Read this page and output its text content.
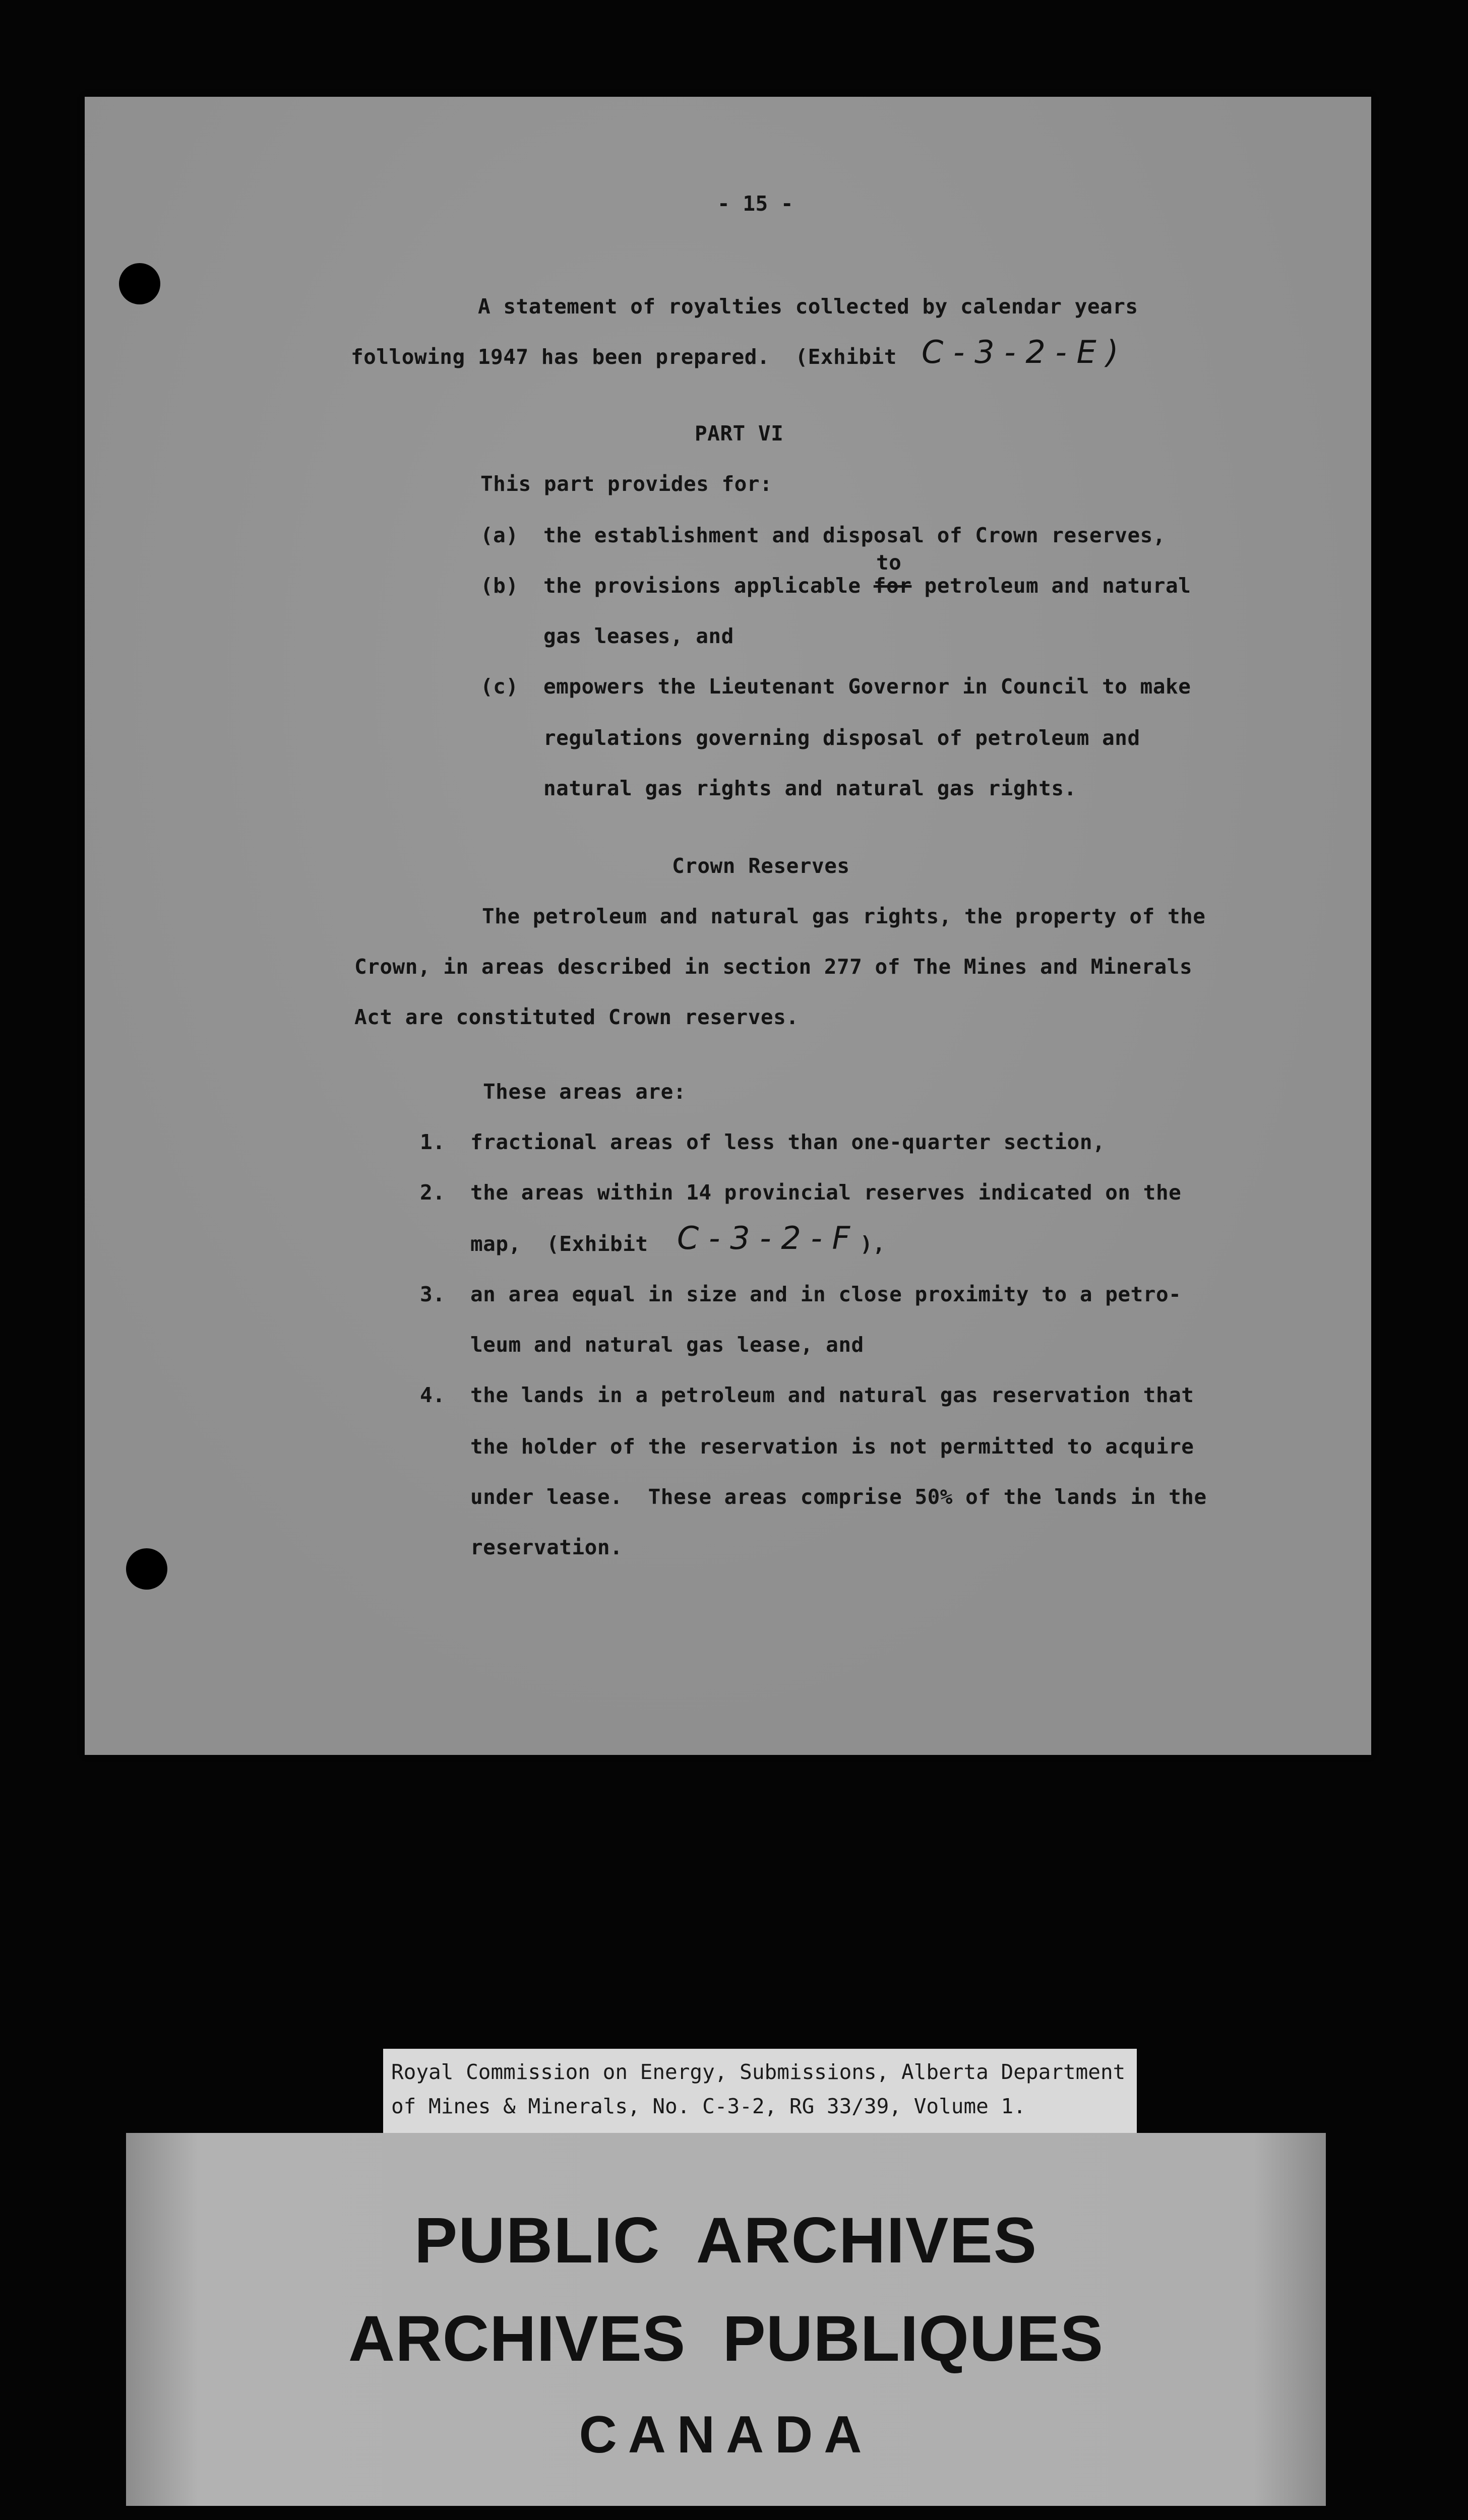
- 15 -
A statement of royalties collected by calendar years
following 1947 has been prepared.  (Exhibit C - 3 - 2 - E )
PART VI
This part provides for:
(a) the establishment and disposal of Crown reserves,
to
(b) the provisions applicable for petroleum and natural
gas leases, and
(c) empowers the Lieutenant Governor in Council to make
regulations governing disposal of petroleum and
natural gas rights and natural gas rights.
Crown Reserves
The petroleum and natural gas rights, the property of the
Crown, in areas described in section 277 of The Mines and Minerals
Act are constituted Crown reserves.
These areas are:
1. fractional areas of less than one-quarter section,
2. the areas within 14 provincial reserves indicated on the
map,  (Exhibit C - 3 - 2 - F ),
3. an area equal in size and in close proximity to a petro-
leum and natural gas lease, and
4. the lands in a petroleum and natural gas reservation that
the holder of the reservation is not permitted to acquire
under lease.  These areas comprise 50% of the lands in the
reservation.
Royal Commission on Energy, Submissions, Alberta Department
of Mines & Minerals, No. C-3-2, RG 33/39, Volume 1.
PUBLIC  ARCHIVES
ARCHIVES  PUBLIQUES
CANADA
